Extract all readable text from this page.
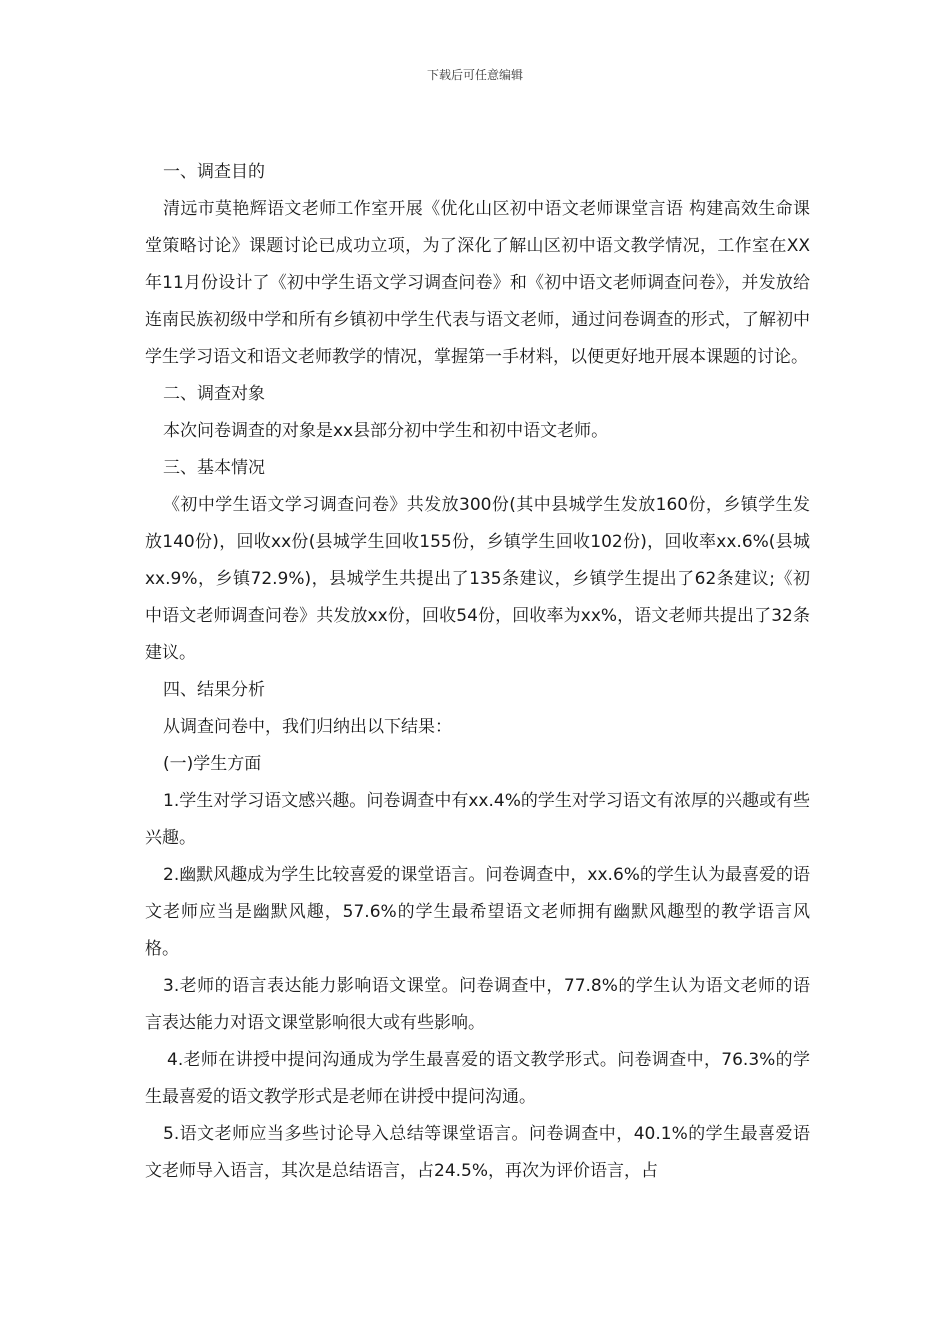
下载后可任意编辑

一、调查目的

清远市莫艳辉语文老师工作室开展《优化山区初中语文老师课堂言语 构建高效生命课堂策略讨论》课题讨论已成功立项，为了深化了解山区初中语文教学情况，工作室在XX年11月份设计了《初中学生语文学习调查问卷》和《初中语文老师调查问卷》，并发放给连南民族初级中学和所有乡镇初中学生代表与语文老师，通过问卷调查的形式，了解初中学生学习语文和语文老师教学的情况，掌握第一手材料，以便更好地开展本课题的讨论。

二、调查对象

本次问卷调查的对象是xx县部分初中学生和初中语文老师。

三、基本情况

《初中学生语文学习调查问卷》共发放300份(其中县城学生发放160份，乡镇学生发放140份)，回收xx份(县城学生回收155份，乡镇学生回收102份)，回收率xx.6%(县城xx.9%，乡镇72.9%)，县城学生共提出了135条建议，乡镇学生提出了62条建议;《初中语文老师调查问卷》共发放xx份，回收54份，回收率为xx%，语文老师共提出了32条建议。

四、结果分析

从调查问卷中，我们归纳出以下结果：

(一)学生方面

1.学生对学习语文感兴趣。问卷调查中有xx.4%的学生对学习语文有浓厚的兴趣或有些兴趣。

2.幽默风趣成为学生比较喜爱的课堂语言。问卷调查中，xx.6%的学生认为最喜爱的语文老师应当是幽默风趣，57.6%的学生最希望语文老师拥有幽默风趣型的教学语言风格。

3.老师的语言表达能力影响语文课堂。问卷调查中，77.8%的学生认为语文老师的语言表达能力对语文课堂影响很大或有些影响。

4.老师在讲授中提问沟通成为学生最喜爱的语文教学形式。问卷调查中，76.3%的学生最喜爱的语文教学形式是老师在讲授中提问沟通。

5.语文老师应当多些讨论导入总结等课堂语言。问卷调查中，40.1%的学生最喜爱语文老师导入语言，其次是总结语言，占24.5%，再次为评价语言，占
